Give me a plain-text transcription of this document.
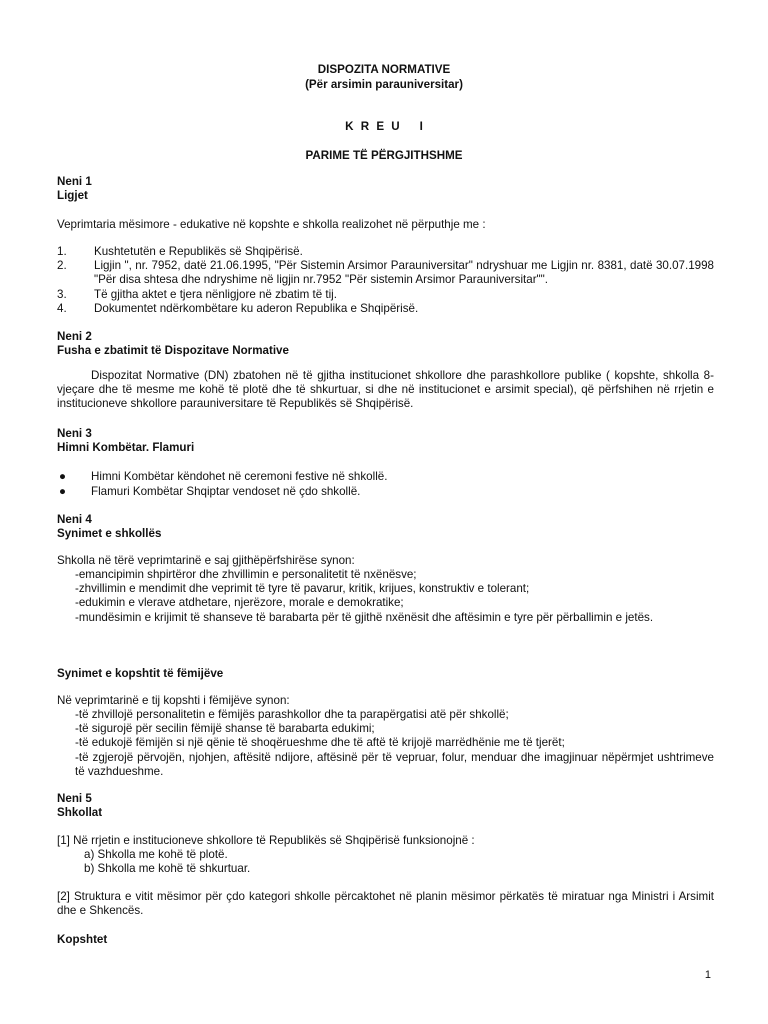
DISPOZITA NORMATIVE
(Për arsimin parauniversitar)
K R E U I
PARIME TË PËRGJITHSHME
Neni 1
Ligjet
Veprimtaria mësimore - edukative në kopshte e shkolla realizohet në përputhje me :
1.	Kushtetutën e Republikës së Shqipërisë.
2.	Ligjin ", nr. 7952, datë 21.06.1995, "Për Sistemin Arsimor Parauniversitar" ndryshuar me Ligjin nr. 8381, datë 30.07.1998 "Për disa shtesa dhe ndryshime në ligjin nr.7952 "Për sistemin Arsimor Parauniversitar"".
3.	Të gjitha aktet e tjera nënligjore në zbatim të tij.
4.	Dokumentet ndërkombëtare ku aderon Republika e Shqipërisë.
Neni 2
Fusha e zbatimit të Dispozitave Normative
Dispozitat Normative (DN) zbatohen në të gjitha institucionet shkollore dhe parashkollore publike ( kopshte, shkolla 8-vjeçare dhe të mesme me kohë të plotë dhe të shkurtuar, si dhe në institucionet e arsimit special), që përfshihen në rrjetin e institucioneve shkollore parauniversitare të Republikës së Shqipërisë.
Neni 3
Himni Kombëtar. Flamuri
●	Himni Kombëtar këndohet në ceremoni festive në shkollë.
●	Flamuri Kombëtar Shqiptar vendoset në çdo shkollë.
Neni 4
Synimet e shkollës
Shkolla në tërë veprimtarinë e saj gjithëpërfshirëse synon:
-emancipimin shpirtëror dhe zhvillimin e personalitetit të nxënësve;
-zhvillimin e mendimit dhe veprimit të tyre të pavarur, kritik, krijues, konstruktiv e tolerant;
-edukimin e vlerave atdhetare, njerëzore, morale e demokratike;
-mundësimin e krijimit të shanseve të barabarta për të gjithë nxënësit dhe aftësimin e tyre për përballimin e jetës.
Synimet e kopshtit të fëmijëve
Në veprimtarinë e tij kopshti i fëmijëve synon:
-të zhvillojë personalitetin e fëmijës parashkollor dhe ta parapërgatisi atë për shkollë;
-të sigurojë për secilin fëmijë shanse të barabarta edukimi;
-të edukojë fëmijën si një qënie të shoqërueshme dhe të aftë të krijojë marrëdhënie me të tjerët;
-të zgjerojë përvojën, njohjen, aftësitë ndijore, aftësinë për të vepruar, folur, menduar dhe imagjinuar nëpërmjet ushtrimeve të vazhdueshme.
Neni 5
Shkollat
[1] Në rrjetin e institucioneve shkollore të Republikës së Shqipërisë funksionojnë :
a) Shkolla me kohë të plotë.
b) Shkolla me kohë të shkurtuar.
[2] Struktura e vitit mësimor për çdo kategori shkolle përcaktohet në planin mësimor përkatës të miratuar nga Ministri i Arsimit dhe e Shkencës.
Kopshtet
1
